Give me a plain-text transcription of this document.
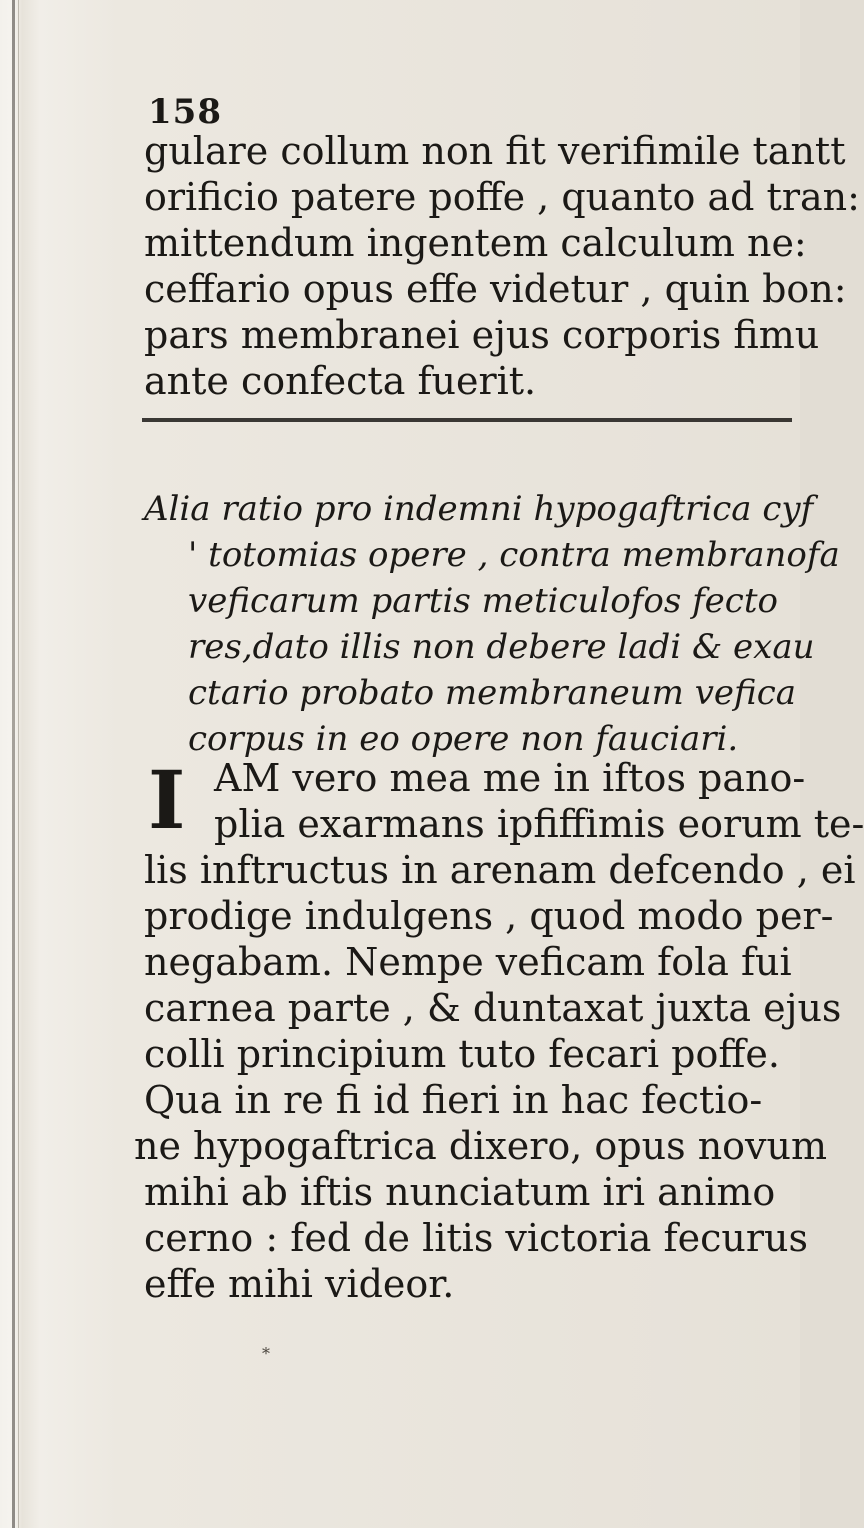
158
gulare collum non fit verifimile tantt
orificio patere poffe , quanto ad tran:
mittendum ingentem calculum ne:
ceffario opus effe videtur , quin bon:
pars membranei ejus corporis fimu
ante confecta fuerit.
Alia ratio pro indemni hypogaftrica cyf
' totomias opere , contra membranofa
veficarum partis meticulofos fecto
res,dato illis non debere ladi & exau
ctario probato membraneum vefica
corpus in eo opere non fauciari.
I AM vero mea me in iftos pano-
plia exarmans ipfiffimis eorum te-
lis inftructus in arenam defcendo , ei
prodige indulgens , quod modo per-
negabam. Nempe veficam fola fui
carnea parte , & duntaxat juxta ejus
colli principium tuto fecari poffe.
Qua in re fi id fieri in hac fectio-
ne hypogaftrica dixero, opus novum
mihi ab iftis nunciatum iri animo
cerno : fed de litis victoria fecurus
effe mihi videor.
*
